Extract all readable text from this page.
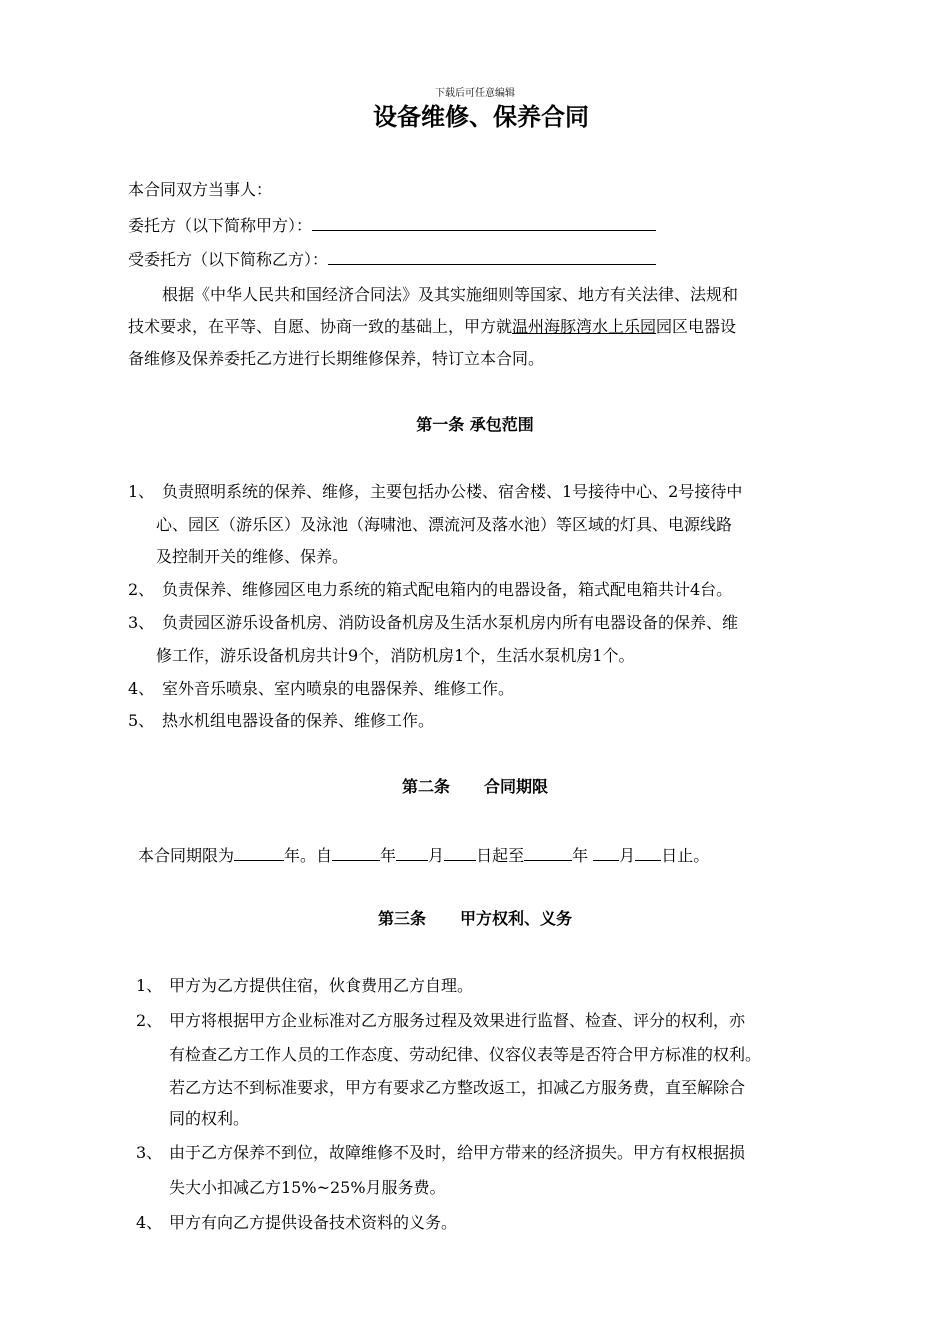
下载后可任意编辑
设备维修、保养合同
本合同双方当事人：
委托方（以下简称甲方）：
受委托方（以下简称乙方）：
根据《中华人民共和国经济合同法》及其实施细则等国家、地方有关法律、法规和
技术要求，在平等、自愿、协商一致的基础上，甲方就温州海豚湾水上乐园园区电器设
备维修及保养委托乙方进行长期维修保养，特订立本合同。
第一条 承包范围
1、 负责照明系统的保养、维修，主要包括办公楼、宿舍楼、1号接待中心、2号接待中
心、园区（游乐区）及泳池（海啸池、漂流河及落水池）等区域的灯具、电源线路
及控制开关的维修、保养。
2、 负责保养、维修园区电力系统的箱式配电箱内的电器设备，箱式配电箱共计4台。
3、 负责园区游乐设备机房、消防设备机房及生活水泵机房内所有电器设备的保养、维
修工作，游乐设备机房共计9个，消防机房1个，生活水泵机房1个。
4、 室外音乐喷泉、室内喷泉的电器保养、维修工作。
5、 热水机组电器设备的保养、维修工作。
第二条 合同期限
本合同期限为	年。自	年 月 日起至	年 月 日止。
第三条 甲方权利、义务
1、 甲方为乙方提供住宿，伙食费用乙方自理。
2、 甲方将根据甲方企业标准对乙方服务过程及效果进行监督、检查、评分的权利，亦
有检查乙方工作人员的工作态度、劳动纪律、仪容仪表等是否符合甲方标准的权利。
若乙方达不到标准要求，甲方有要求乙方整改返工，扣减乙方服务费，直至解除合
同的权利。
3、 由于乙方保养不到位，故障维修不及时，给甲方带来的经济损失。甲方有权根据损
失大小扣减乙方15%~25%月服务费。
4、 甲方有向乙方提供设备技术资料的义务。
